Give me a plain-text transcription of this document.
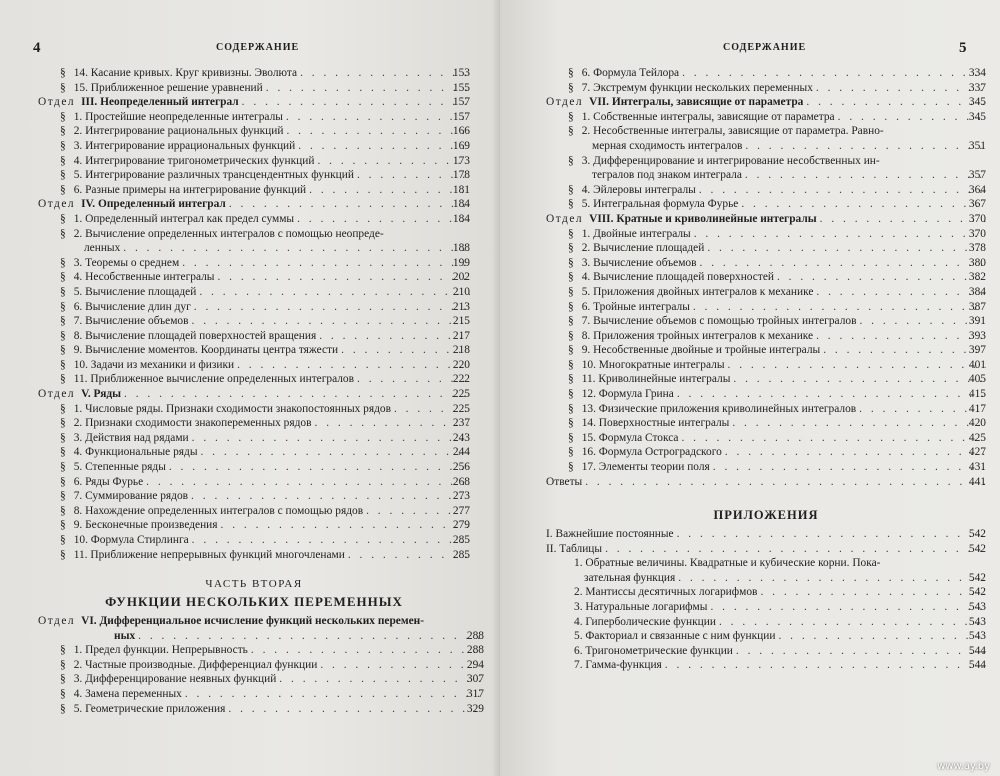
4	СОДЕРЖАНИЕ
§ 14. Касание кривых. Круг кривизны. Эволюта . . .	153
§ 15. Приближенное решение уравнений . . .	155
Отдел III. Неопределенный интеграл . . .	157
§ 1. Простейшие неопределенные интегралы . . .	157
§ 2. Интегрирование рациональных функций . . .	166
§ 3. Интегрирование иррациональных функций . . .	169
§ 4. Интегрирование тригонометрических функций . . .	173
§ 5. Интегрирование различных трансцендентных функций . . .	178
§ 6. Разные примеры на интегрирование функций . . .	181
Отдел IV. Определенный интеграл . . .	184
§ 1. Определенный интеграл как предел суммы . . .	184
§ 2. Вычисление определенных интегралов с помощью неопреде-
ленных . . .	188
§ 3. Теоремы о среднем . . .	199
§ 4. Несобственные интегралы . . .	202
§ 5. Вычисление площадей . . .	210
§ 6. Вычисление длин дуг . . .	213
§ 7. Вычисление объемов . . .	215
§ 8. Вычисление площадей поверхностей вращения . . .	217
§ 9. Вычисление моментов. Координаты центра тяжести . . .	218
§ 10. Задачи из механики и физики . . .	220
§ 11. Приближенное вычисление определенных интегралов . . .	222
Отдел V. Ряды . . .	225
§ 1. Числовые ряды. Признаки сходимости знакопостоянных рядов . . .	225
§ 2. Признаки сходимости знакопеременных рядов . . .	237
§ 3. Действия над рядами . . .	243
§ 4. Функциональные ряды . . .	244
§ 5. Степенные ряды . . .	256
§ 6. Ряды Фурье . . .	268
§ 7. Суммирование рядов . . .	273
§ 8. Нахождение определенных интегралов с помощью рядов . . .	277
§ 9. Бесконечные произведения . . .	279
§ 10. Формула Стирлинга . . .	285
§ 11. Приближение непрерывных функций многочленами . . .	285
ЧАСТЬ ВТОРАЯ
ФУНКЦИИ НЕСКОЛЬКИХ ПЕРЕМЕННЫХ
Отдел VI. Дифференциальное исчисление функций нескольких перемен-
ных . . .	288
§ 1. Предел функции. Непрерывность . . .	288
§ 2. Частные производные. Дифференциал функции . . .	294
§ 3. Дифференцирование неявных функций . . .	307
§ 4. Замена переменных . . .	317
§ 5. Геометрические приложения . . .	329
СОДЕРЖАНИЕ	5
§ 6. Формула Тейлора . . .	334
§ 7. Экстремум функции нескольких переменных . . .	337
Отдел VII. Интегралы, зависящие от параметра . . .	345
§ 1. Собственные интегралы, зависящие от параметра . . .	345
§ 2. Несобственные интегралы, зависящие от параметра. Равно-
мерная сходимость интегралов . . .	351
§ 3. Дифференцирование и интегрирование несобственных ин-
тегралов под знаком интеграла . . .	357
§ 4. Эйлеровы интегралы . . .	364
§ 5. Интегральная формула Фурье . . .	367
Отдел VIII. Кратные и криволинейные интегралы . . .	370
§ 1. Двойные интегралы . . .	370
§ 2. Вычисление площадей . . .	378
§ 3. Вычисление объемов . . .	380
§ 4. Вычисление площадей поверхностей . . .	382
§ 5. Приложения двойных интегралов к механике . . .	384
§ 6. Тройные интегралы . . .	387
§ 7. Вычисление объемов с помощью тройных интегралов . . .	391
§ 8. Приложения тройных интегралов к механике . . .	393
§ 9. Несобственные двойные и тройные интегралы . . .	397
§ 10. Многократные интегралы . . .	401
§ 11. Криволинейные интегралы . . .	405
§ 12. Формула Грина . . .	415
§ 13. Физические приложения криволинейных интегралов . . .	417
§ 14. Поверхностные интегралы . . .	420
§ 15. Формула Стокса . . .	425
§ 16. Формула Остроградского . . .	427
§ 17. Элементы теории поля . . .	431
Ответы . . .	441
ПРИЛОЖЕНИЯ
I. Важнейшие постоянные . . .	542
II. Таблицы . . .	542
1. Обратные величины. Квадратные и кубические корни. Пока-
зательная функция . . .	542
2. Мантиссы десятичных логарифмов . . .	542
3. Натуральные логарифмы . . .	543
4. Гиперболические функции . . .	543
5. Факториал и связанные с ним функции . . .	543
6. Тригонометрические функции . . .	544
7. Гамма-функция . . .	544
www.ay.by
